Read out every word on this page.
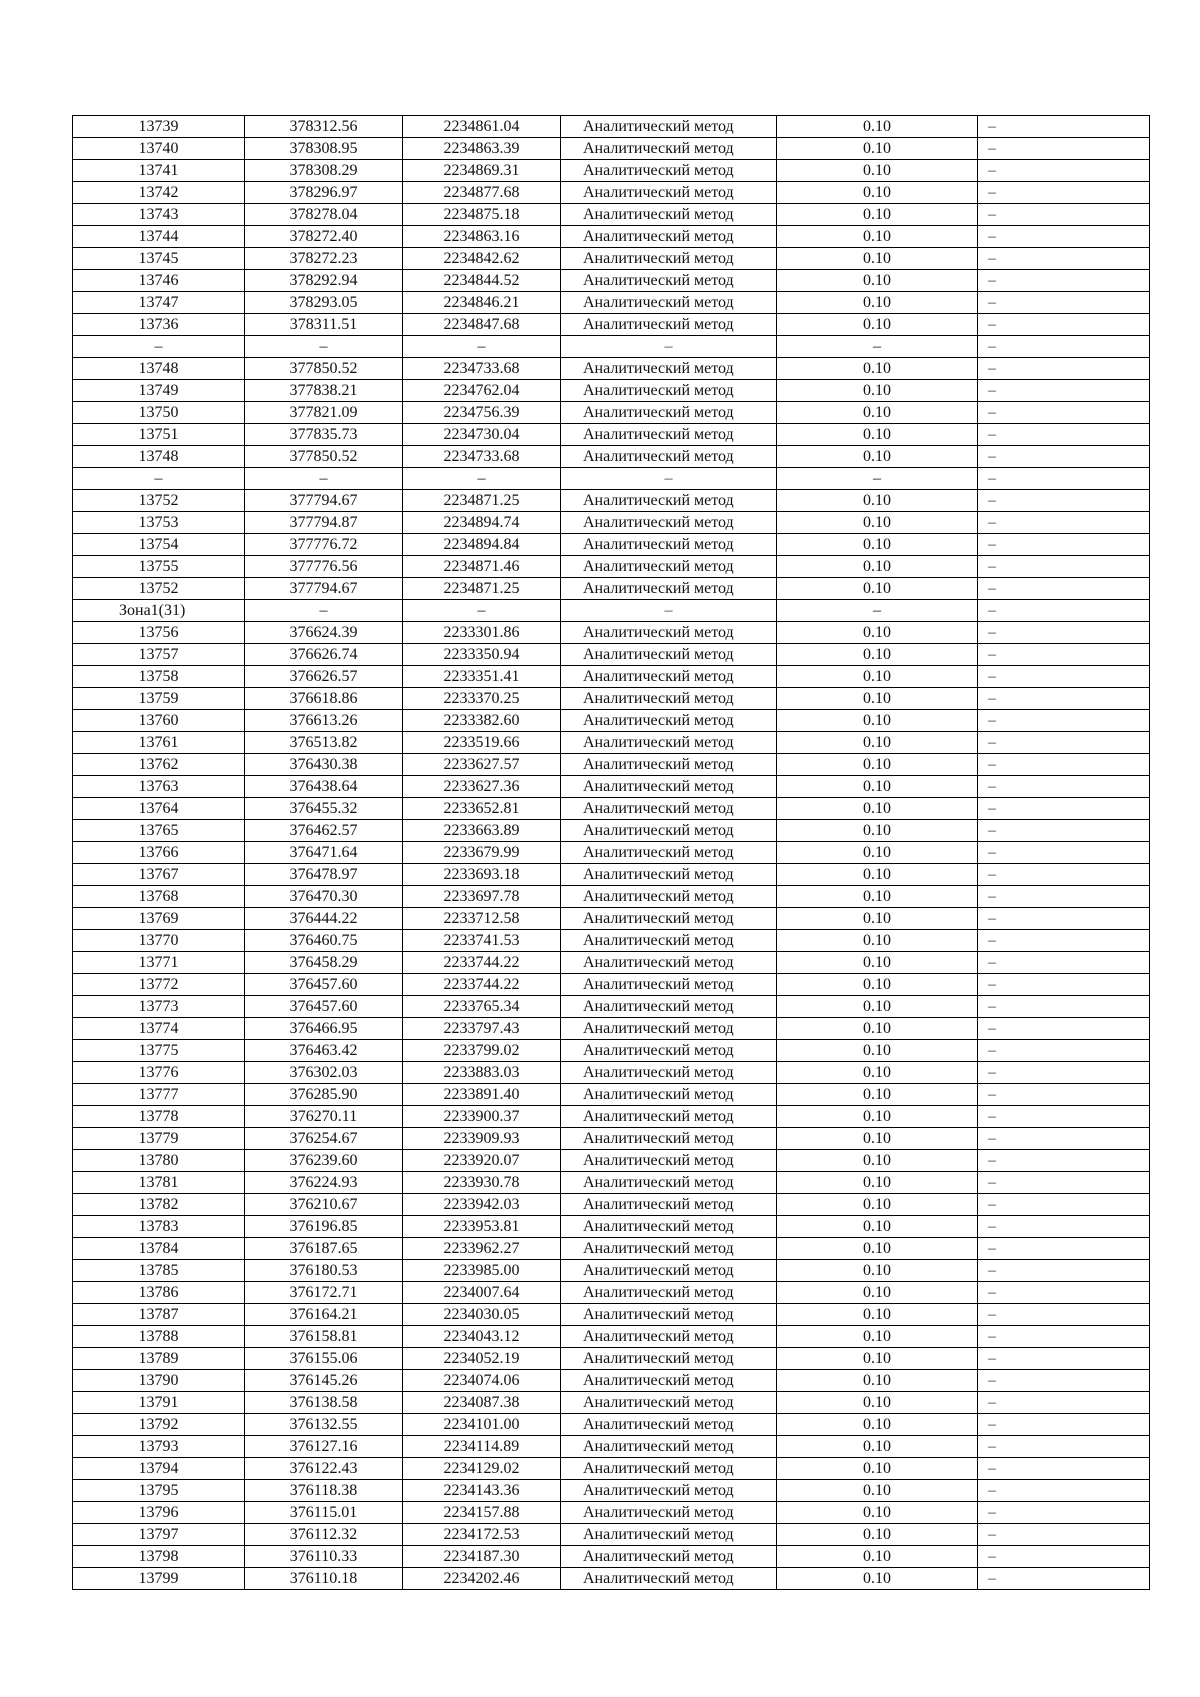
13739	378312.56	2234861.04	Аналитический метод	0.10	–
13740	378308.95	2234863.39	Аналитический метод	0.10	–
13741	378308.29	2234869.31	Аналитический метод	0.10	–
13742	378296.97	2234877.68	Аналитический метод	0.10	–
13743	378278.04	2234875.18	Аналитический метод	0.10	–
13744	378272.40	2234863.16	Аналитический метод	0.10	–
13745	378272.23	2234842.62	Аналитический метод	0.10	–
13746	378292.94	2234844.52	Аналитический метод	0.10	–
13747	378293.05	2234846.21	Аналитический метод	0.10	–
13736	378311.51	2234847.68	Аналитический метод	0.10	–
–	–	–	–	–	–
13748	377850.52	2234733.68	Аналитический метод	0.10	–
13749	377838.21	2234762.04	Аналитический метод	0.10	–
13750	377821.09	2234756.39	Аналитический метод	0.10	–
13751	377835.73	2234730.04	Аналитический метод	0.10	–
13748	377850.52	2234733.68	Аналитический метод	0.10	–
–	–	–	–	–	–
13752	377794.67	2234871.25	Аналитический метод	0.10	–
13753	377794.87	2234894.74	Аналитический метод	0.10	–
13754	377776.72	2234894.84	Аналитический метод	0.10	–
13755	377776.56	2234871.46	Аналитический метод	0.10	–
13752	377794.67	2234871.25	Аналитический метод	0.10	–
Зона1(31)	–	–	–	–	–
13756	376624.39	2233301.86	Аналитический метод	0.10	–
13757	376626.74	2233350.94	Аналитический метод	0.10	–
13758	376626.57	2233351.41	Аналитический метод	0.10	–
13759	376618.86	2233370.25	Аналитический метод	0.10	–
13760	376613.26	2233382.60	Аналитический метод	0.10	–
13761	376513.82	2233519.66	Аналитический метод	0.10	–
13762	376430.38	2233627.57	Аналитический метод	0.10	–
13763	376438.64	2233627.36	Аналитический метод	0.10	–
13764	376455.32	2233652.81	Аналитический метод	0.10	–
13765	376462.57	2233663.89	Аналитический метод	0.10	–
13766	376471.64	2233679.99	Аналитический метод	0.10	–
13767	376478.97	2233693.18	Аналитический метод	0.10	–
13768	376470.30	2233697.78	Аналитический метод	0.10	–
13769	376444.22	2233712.58	Аналитический метод	0.10	–
13770	376460.75	2233741.53	Аналитический метод	0.10	–
13771	376458.29	2233744.22	Аналитический метод	0.10	–
13772	376457.60	2233744.22	Аналитический метод	0.10	–
13773	376457.60	2233765.34	Аналитический метод	0.10	–
13774	376466.95	2233797.43	Аналитический метод	0.10	–
13775	376463.42	2233799.02	Аналитический метод	0.10	–
13776	376302.03	2233883.03	Аналитический метод	0.10	–
13777	376285.90	2233891.40	Аналитический метод	0.10	–
13778	376270.11	2233900.37	Аналитический метод	0.10	–
13779	376254.67	2233909.93	Аналитический метод	0.10	–
13780	376239.60	2233920.07	Аналитический метод	0.10	–
13781	376224.93	2233930.78	Аналитический метод	0.10	–
13782	376210.67	2233942.03	Аналитический метод	0.10	–
13783	376196.85	2233953.81	Аналитический метод	0.10	–
13784	376187.65	2233962.27	Аналитический метод	0.10	–
13785	376180.53	2233985.00	Аналитический метод	0.10	–
13786	376172.71	2234007.64	Аналитический метод	0.10	–
13787	376164.21	2234030.05	Аналитический метод	0.10	–
13788	376158.81	2234043.12	Аналитический метод	0.10	–
13789	376155.06	2234052.19	Аналитический метод	0.10	–
13790	376145.26	2234074.06	Аналитический метод	0.10	–
13791	376138.58	2234087.38	Аналитический метод	0.10	–
13792	376132.55	2234101.00	Аналитический метод	0.10	–
13793	376127.16	2234114.89	Аналитический метод	0.10	–
13794	376122.43	2234129.02	Аналитический метод	0.10	–
13795	376118.38	2234143.36	Аналитический метод	0.10	–
13796	376115.01	2234157.88	Аналитический метод	0.10	–
13797	376112.32	2234172.53	Аналитический метод	0.10	–
13798	376110.33	2234187.30	Аналитический метод	0.10	–
13799	376110.18	2234202.46	Аналитический метод	0.10	–
